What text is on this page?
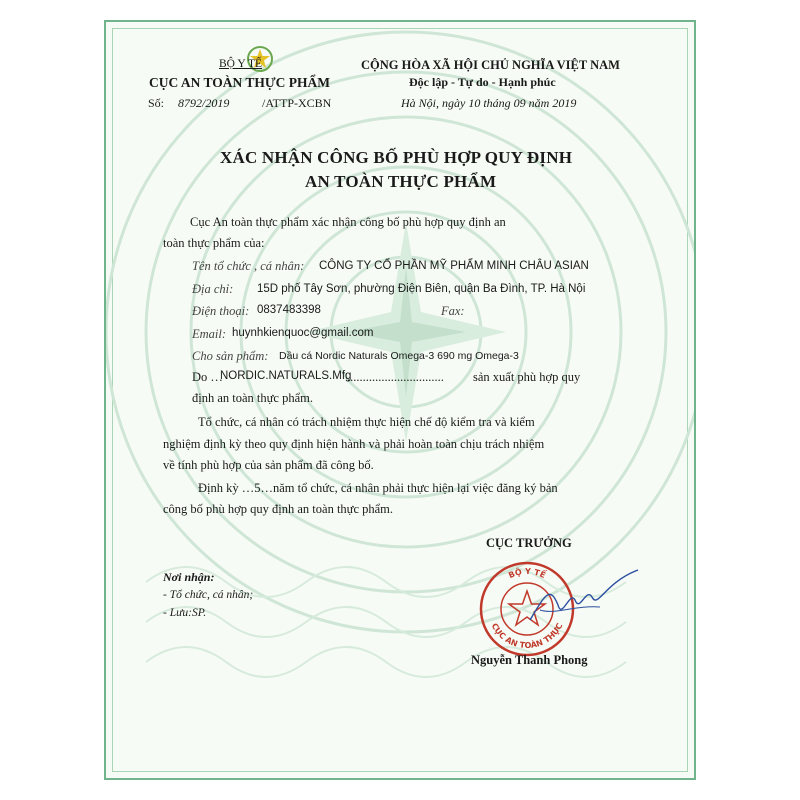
BỘ Y TẾ
CỤC AN TOÀN THỰC PHẨM
Số: 8792/2019	/ATTP-XCBN
CỘNG HÒA XÃ HỘI CHỦ NGHĨA VIỆT NAM
Độc lập - Tự do - Hạnh phúc
Hà Nội, ngày 10 tháng 09 năm 2019
XÁC NHẬN CÔNG BỐ PHÙ HỢP QUY ĐỊNH
AN TOÀN THỰC PHẨM
Cục An toàn thực phẩm xác nhận công bố phù hợp quy định an
toàn thực phẩm của:
Tên tổ chức , cá nhân: CÔNG TY CỔ PHẦN MỸ PHẨM MINH CHÂU ASIAN
Địa chỉ: 15D phố Tây Sơn, phường Điện Biên, quận Ba Đình, TP. Hà Nội
Điện thoại: 0837483398	Fax:
Email: huynhkienquoc@gmail.com
Cho sản phẩm: Dầu cá Nordic Naturals Omega-3 690 mg Omega-3
Do …
NORDIC.NATURALS.Mfg
............................... sản xuất phù hợp quy
định an toàn thực phẩm.
Tổ chức, cá nhân có trách nhiệm thực hiện chế độ kiểm tra và kiểm
nghiệm định kỳ theo quy định hiện hành và phải hoàn toàn chịu trách nhiệm
về tính phù hợp của sản phẩm đã công bố.
Định kỳ …5…năm tổ chức, cá nhân phải thực hiện lại việc đăng ký bản
công bố phù hợp quy định an toàn thực phẩm.
CỤC TRƯỞNG
BỘ Y TẾ
CỤC AN TOÀN THỰC
Nguyễn Thanh Phong
Nơi nhận:
- Tổ chức, cá nhân;
- Lưu:SP.
